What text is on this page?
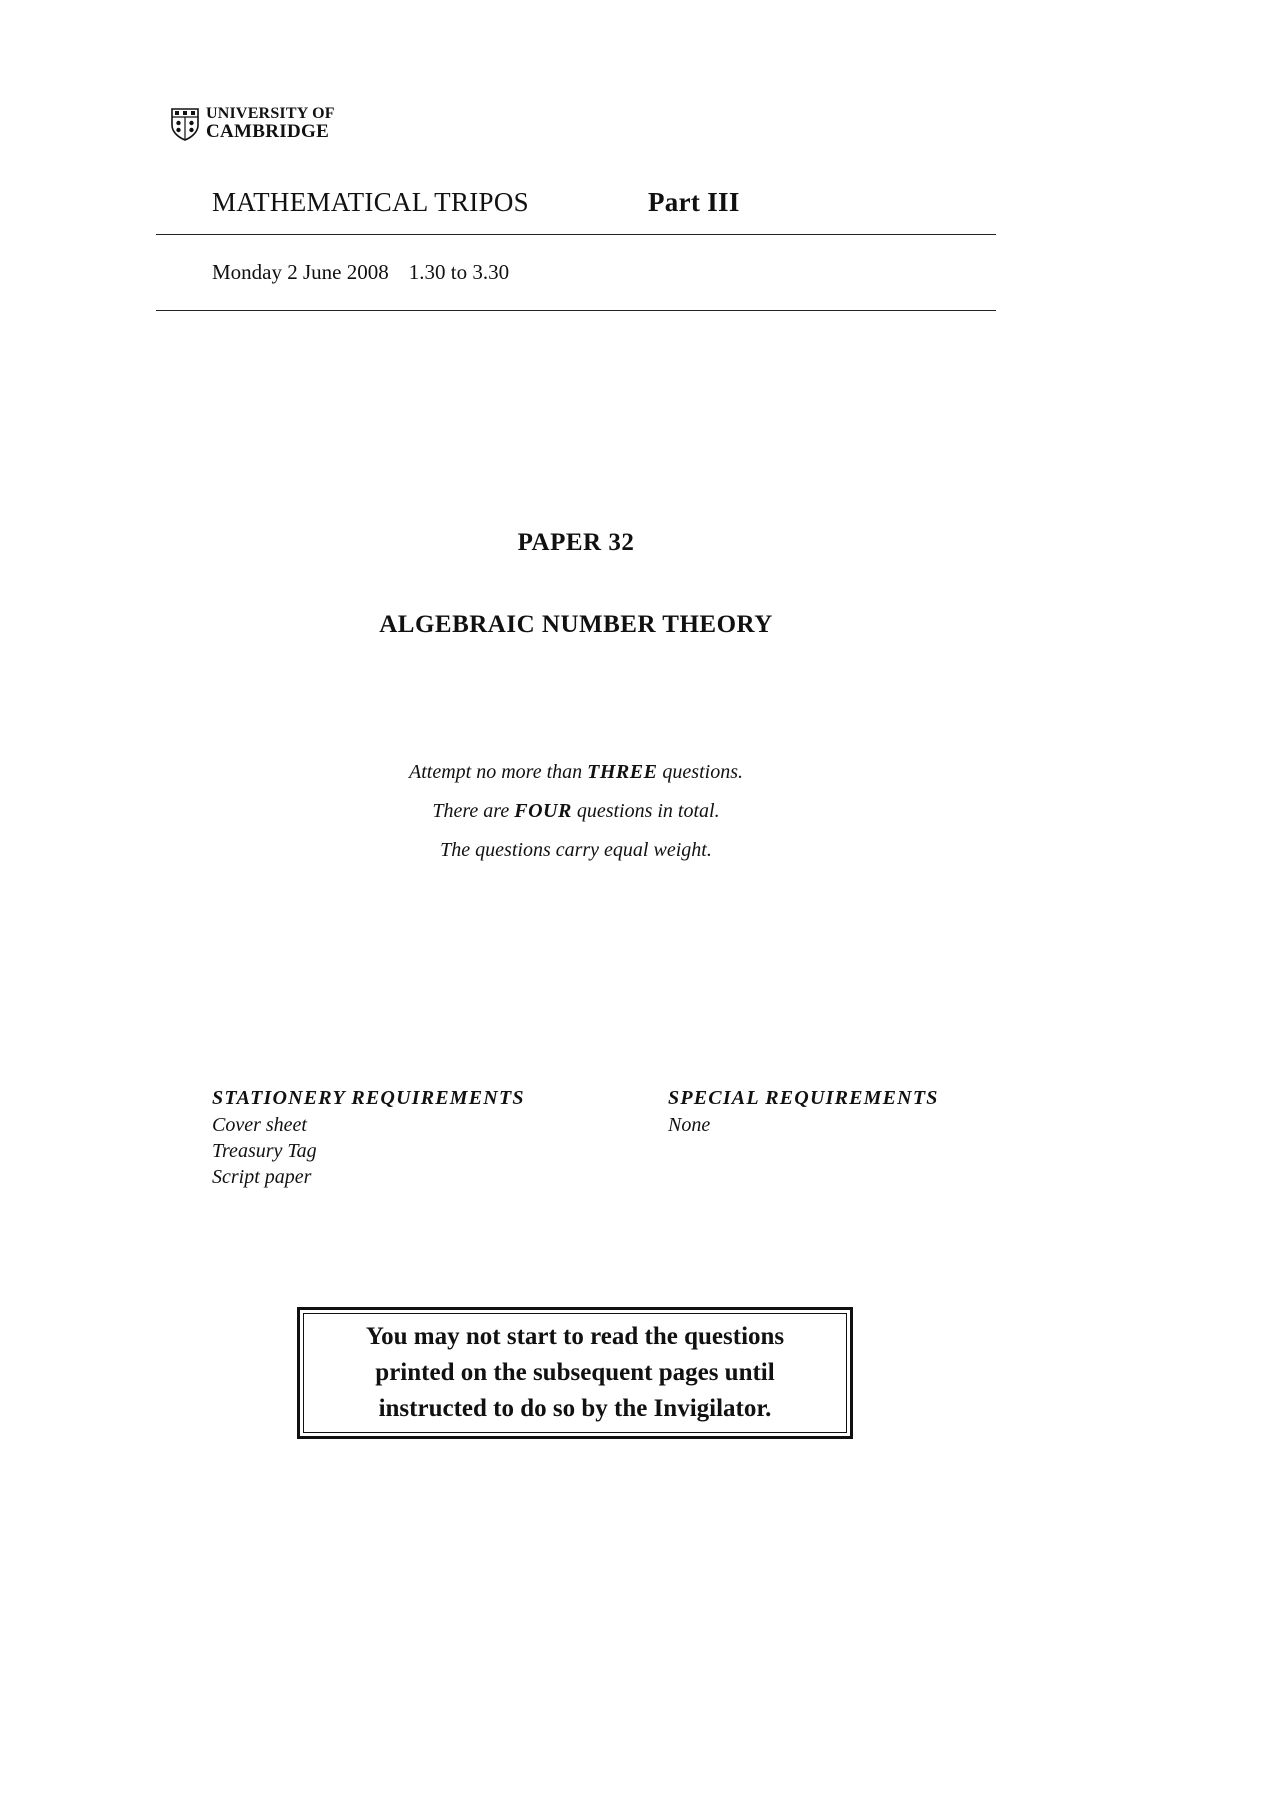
UNIVERSITY OF
CAMBRIDGE
MATHEMATICAL TRIPOS	Part III
Monday 2 June 2008 1.30 to 3.30
PAPER 32
ALGEBRAIC NUMBER THEORY
Attempt no more than THREE questions.
There are FOUR questions in total.
The questions carry equal weight.
STATIONERY REQUIREMENTS
Cover sheet
Treasury Tag
Script paper
SPECIAL REQUIREMENTS
None
You may not start to read the questions
printed on the subsequent pages until
instructed to do so by the Invigilator.
